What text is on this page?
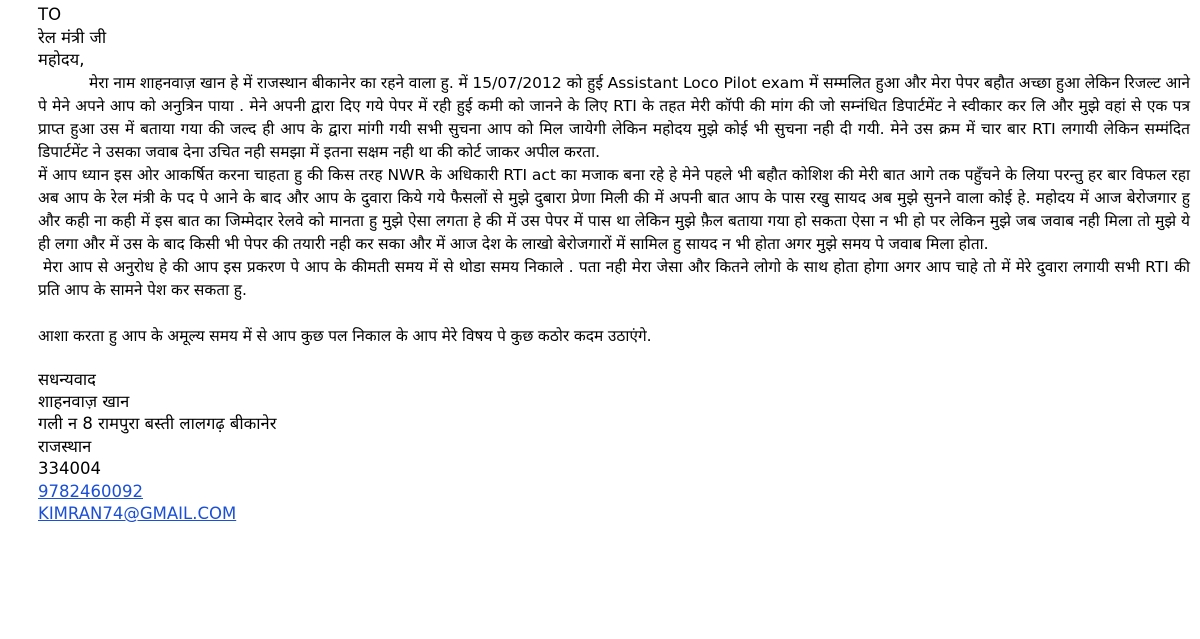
TO
रेल मंत्री जी
महोदय,
मेरा नाम शाहनवाज़ खान हे में राजस्थान बीकानेर का रहने वाला हु. में 15/07/2012 को हुई Assistant Loco Pilot exam में सम्मलित हुआ और मेरा पेपर बहौत अच्छा हुआ लेकिन रिजल्ट आने पे मेने अपने आप को अनुत्रिन पाया . मेने अपनी द्वारा दिए गये पेपर में रही हुई कमी को जानने के लिए RTI के तहत मेरी कॉपी की मांग की जो सम्नंधित डिपार्टमेंट ने स्वीकार कर लि और मुझे वहां से एक पत्र प्राप्त हुआ उस में बताया गया की जल्द ही आप के द्वारा मांगी गयी सभी सुचना आप को मिल जायेगी लेकिन महोदय मुझे कोई भी सुचना नही दी गयी. मेने उस क्रम में चार बार RTI लगायी लेकिन सम्मंदित डिपार्टमेंट ने उसका जवाब देना उचित नही समझा में इतना सक्षम नही था की कोर्ट जाकर अपील करता.
में आप ध्यान इस ओर आकर्षित करना चाहता हु की किस तरह NWR के अधिकारी RTI act का मजाक बना रहे हे मेने पहले भी बहौत कोशिश की मेरी बात आगे तक पहुँचने के लिया परन्तु हर बार विफल रहा अब आप के रेल मंत्री के पद पे आने के बाद और आप के दुवारा किये गये फैसलों से मुझे दुबारा प्रेणा मिली की में अपनी बात आप के पास रखु सायद अब मुझे सुनने वाला कोई हे. महोदय में आज बेरोजगार हु और कही ना कही में इस बात का जिम्मेदार रेलवे को मानता हु मुझे ऐसा लगता हे की में उस पेपर में पास था लेकिन मुझे फ़ैल बताया गया हो सकता ऐसा न भी हो पर लेकिन मुझे जब जवाब नही मिला तो मुझे ये ही लगा और में उस के बाद किसी भी पेपर की तयारी नही कर सका और में आज देश के लाखो बेरोजगारों में सामिल हु सायद न भी होता अगर मुझे समय पे जवाब मिला होता.
मेरा आप से अनुरोध हे की आप इस प्रकरण पे आप के कीमती समय में से थोडा समय निकाले . पता नही मेरा जेसा और कितने लोगो के साथ होता होगा अगर आप चाहे तो में मेरे दुवारा लगायी सभी RTI की प्रति आप के सामने पेश कर सकता हु.
आशा करता हु आप के अमूल्य समय में से आप कुछ पल निकाल के आप मेरे विषय पे कुछ कठोर कदम उठाएंगे.
सधन्यवाद
शाहनवाज़ खान
गली न 8 रामपुरा बस्ती लालगढ़ बीकानेर
राजस्थान
334004
9782460092
KIMRAN74@GMAIL.COM
